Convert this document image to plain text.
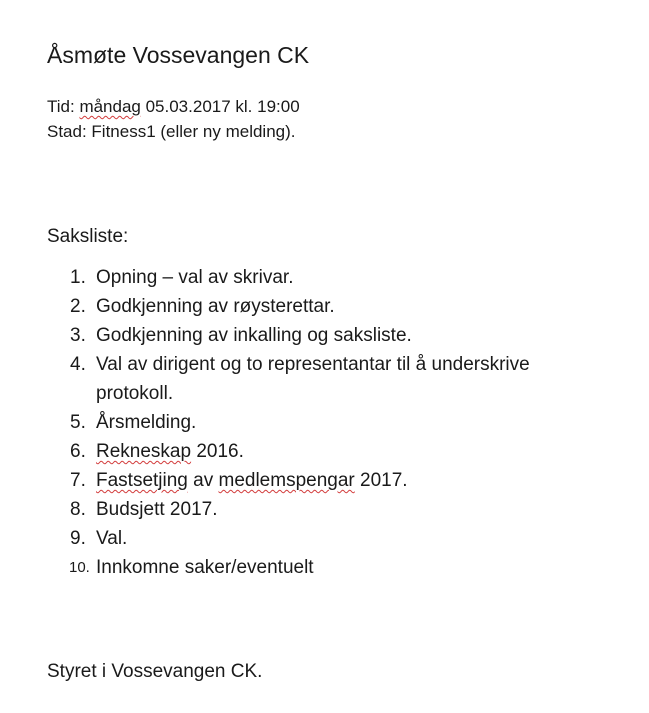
Åsmøte Vossevangen CK
Tid: måndag 05.03.2017 kl. 19:00
Stad: Fitness1 (eller ny melding).
Saksliste:
1. Opning – val av skrivar.
2. Godkjenning av røysterettar.
3. Godkjenning av inkalling og saksliste.
4. Val av dirigent og to representantar til å underskrive
protokoll.
5. Årsmelding.
6. Rekneskap 2016.
7. Fastsetjing av medlemspengar 2017.
8. Budsjett 2017.
9. Val.
10. Innkomne saker/eventuelt
Styret i Vossevangen CK.
